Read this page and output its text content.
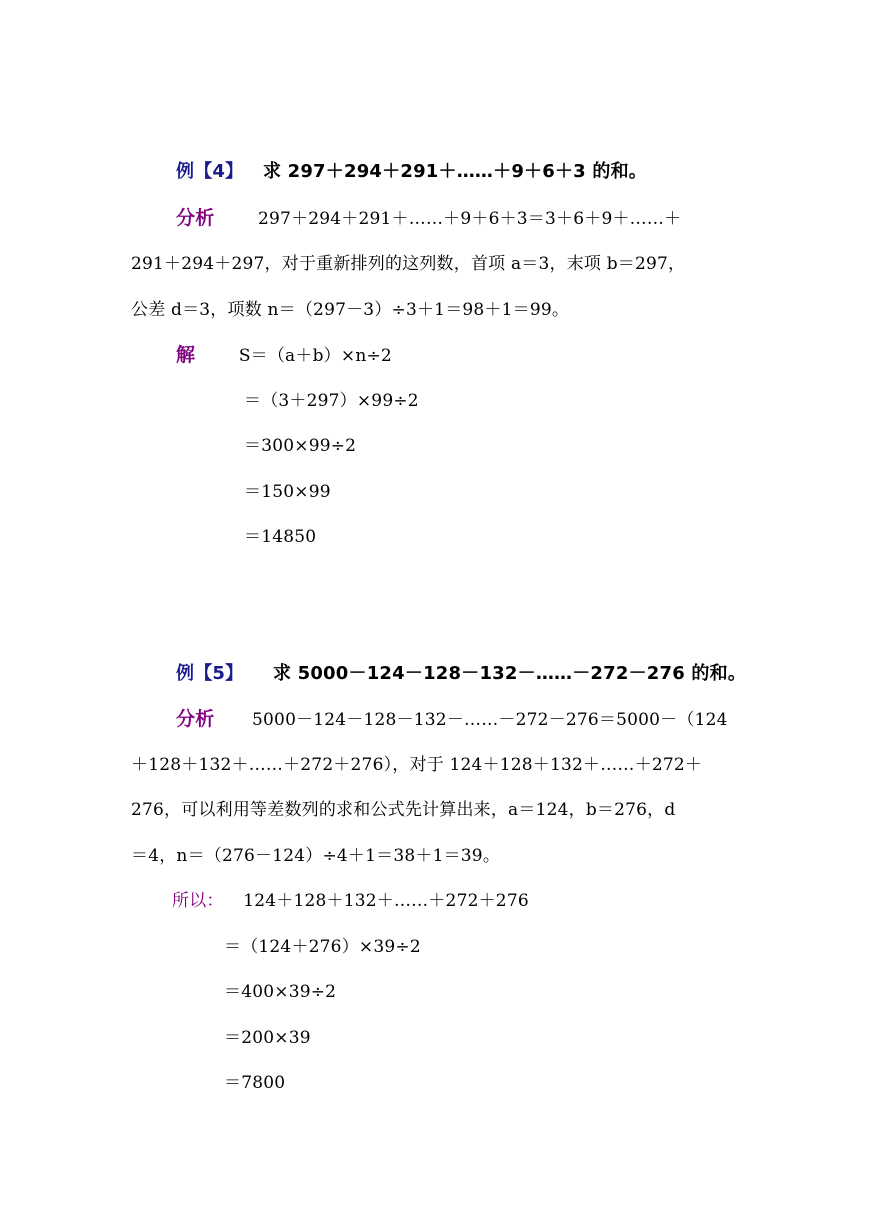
例【4】 求 297＋294＋291＋……＋9＋6＋3 的和。
分析	297＋294＋291＋……＋9＋6＋3＝3＋6＋9＋……＋
291＋294＋297，对于重新排列的这列数，首项 a＝3，末项 b＝297，
公差 d＝3，项数 n＝（297－3）÷3＋1＝98＋1＝99。
解	S＝（a＋b）×n÷2
＝（3＋297）×99÷2
＝300×99÷2
＝150×99
＝14850
例【5】 求 5000－124－128－132－……－272－276 的和。
分析 5000－124－128－132－……－272－276＝5000－（124
＋128＋132＋……＋272＋276），对于 124＋128＋132＋……＋272＋
276，可以利用等差数列的求和公式先计算出来，a＝124，b＝276，d
＝4，n＝（276－124）÷4＋1＝38＋1＝39。
所以： 124＋128＋132＋……＋272＋276
＝（124＋276）×39÷2
＝400×39÷2
＝200×39
＝7800
